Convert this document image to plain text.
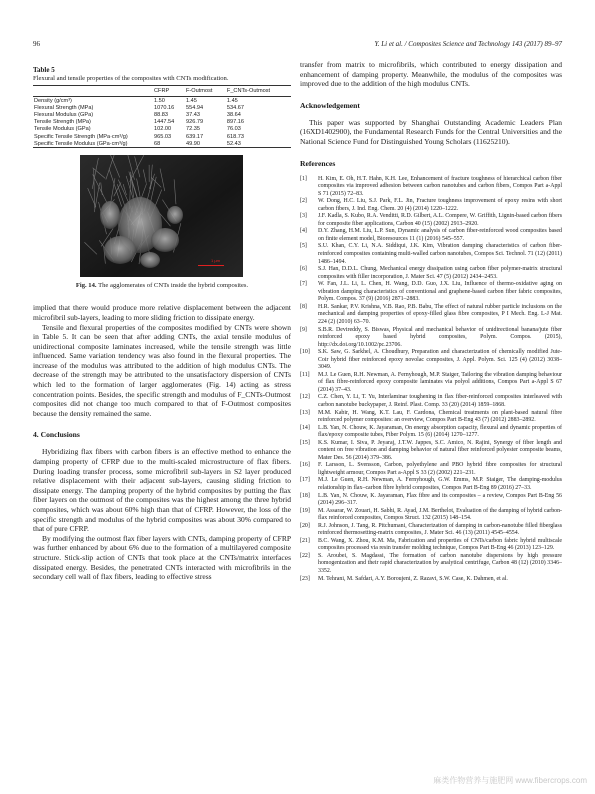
96	Y. Li et al. / Composites Science and Technology 143 (2017) 89–97
Table 5
Flexural and tensile properties of the composites with CNTs modification.
	CFRP	F-Outmost	F_CNTs-Outmost
Density (g/cm³)	1.50	1.45	1.45
Flexural Strength (MPa)	1070.16	554.94	534.67
Flexural Modulus (GPa)	88.83	37.43	38.64
Tensile Strength (MPa)	1447.54	926.79	897.16
Tensile Modulus (GPa)	102.00	72.35	76.03
Specific Tensile Strength (MPa·cm³/g)	965.03	639.17	618.73
Specific Tensile Modulus (GPa·cm³/g)	68	49.90	52.43
1 µm
Fig. 14. The agglomerates of CNTs inside the hybrid composites.

implied that there would produce more relative displacement between the adjacent microfibril sub-layers, leading to more sliding friction to dissipate energy.

Tensile and flexural properties of the composites modified by CNTs were shown in Table 5. It can be seen that after adding CNTs, the axial tensile modulus of unidirectional composite laminates increased, while the tensile strength was little influenced. Same variation tendency was also found in the flexural properties. The increase of the modulus was attributed to the addition of high modulus CNTs. The decrease of the strength may be attributed to the unsatisfactory dispersion of CNTs which led to the formation of larger agglomerates (Fig. 14) acting as stress concentration points. Besides, the specific strength and modulus of F_CNTs-Outmost composites did not change too much compared to that of F-Outmost composites because the density remained the same.

4. Conclusions

Hybridizing flax fibers with carbon fibers is an effective method to enhance the damping property of CFRP due to the multi-scaled microstructure of flax fibers. During loading transfer process, some microfibril sub-layers in S2 layer produced relative displacement with their adjacent sub-layers, causing sliding friction to dissipate energy. The damping property of the hybrid composites by putting the flax fiber layers on the outmost of the composites was the highest among the three hybrid composites, which was about 60% high than that of CFRP. However, the loss of the specific strength and modulus of the hybrid composites was about 30% compared to that of pure CFRP.

By modifying the outmost flax fiber layers with CNTs, damping property of CFRP was further enhanced by about 6% due to the formation of a multilayered composite structure. Stick-slip action of CNTs that took place at the CNTs/matrix interfaces dissipated energy. Besides, the penetrated CNTs interacted with microfibrils in the secondary cell wall of flax fibers, leading to effective stress

transfer from matrix to microfibrils, which contributed to energy dissipation and enhancement of damping property. Meanwhile, the modulus of the composites was improved due to the addition of the high modulus CNTs.

Acknowledgement

This paper was supported by Shanghai Outstanding Academic Leaders Plan (16XD1402900), the Fundamental Research Funds for the Central Universities and the National Science Fund for Distinguished Young Scholars (11625210).

References
[1] H. Kim, E. Oh, H.T. Hahn, K.H. Lee, Enhancement of fracture toughness of hierarchical carbon fiber composites via improved adhesion between carbon nanotubes and carbon fibers, Compos Part a-Appl S 71 (2015) 72–83.
[2] W. Dong, H.C. Liu, S.J. Park, F.L. Jin, Fracture toughness improvement of epoxy resins with short carbon fibers, J. Ind. Eng. Chem. 20 (4) (2014) 1220–1222.
[3] J.F. Kadla, S. Kubo, R.A. Venditti, R.D. Gilbert, A.L. Compere, W. Griffith, Lignin-based carbon fibers for composite fiber applications, Carbon 40 (15) (2002) 2913–2920.
[4] D.Y. Zhang, H.M. Liu, L.P. Sun, Dynamic analysis of carbon fiber-reinforced wood composites based on finite element model, Bioresources 11 (1) (2016) 545–557.
[5] S.U. Khan, C.Y. Li, N.A. Siddiqui, J.K. Kim, Vibration damping characteristics of carbon fiber-reinforced composites containing multi-walled carbon nanotubes, Compos Sci. Technol. 71 (12) (2011) 1486–1494.
[6] S.J. Han, D.D.L. Chung, Mechanical energy dissipation using carbon fiber polymer-matrix structural composites with filler incorporation, J. Mater Sci. 47 (5) (2012) 2434–2453.
[7] W. Fan, J.L. Li, L. Chen, H. Wang, D.D. Guo, J.X. Liu, Influence of thermo-oxidative aging on vibration damping characteristics of conventional and graphene-based carbon fiber fabric composites, Polym. Compos. 37 (9) (2016) 2871–2883.
[8] H.R. Sankar, P.V. Krishna, V.B. Rao, P.B. Babu, The effect of natural rubber particle inclusions on the mechanical and damping properties of epoxy-filled glass fibre composites, P I Mech. Eng. L-J Mat. 224 (2) (2010) 63–70.
[9] S.B.R. Devireddy, S. Biswas, Physical and mechanical behavior of unidirectional banana/jute fiber reinforced epoxy based hybrid composites, Polym. Compos. (2015), http://dx.doi.org/10.1002/pc.23706.
[10] S.K. Saw, G. Sarkhel, A. Choudhury, Preparation and characterization of chemically modified Jute-Coir hybrid fiber reinforced epoxy novolac composites, J. Appl. Polym. Sci. 125 (4) (2012) 3038–3049.
[11] M.J. Le Guen, R.H. Newman, A. Fernyhough, M.P. Staiger, Tailoring the vibration damping behaviour of flax fibre-reinforced epoxy composite laminates via polyol additions, Compos Part a-Appl S 67 (2014) 37–43.
[12] C.Z. Chen, Y. Li, T. Yu, Interlaminar toughening in flax fiber-reinforced composites interleaved with carbon nanotube buckypaper, J. Reinf. Plast. Comp. 33 (20) (2014) 1859–1868.
[13] M.M. Kabir, H. Wang, K.T. Lau, F. Cardona, Chemical treatments on plant-based natural fibre reinforced polymer composites: an overview, Compos Part B-Eng 43 (7) (2012) 2883–2892.
[14] L.B. Yan, N. Chouw, K. Jayaraman, On energy absorption capacity, flexural and dynamic properties of flax/epoxy composite tubes, Fiber Polym. 15 (6) (2014) 1270–1277.
[15] K.S. Kumar, I. Siva, P. Jeyaraj, J.T.W. Jappes, S.C. Amico, N. Rajini, Synergy of fiber length and content on free vibration and damping behavior of natural fiber reinforced polyester composite beams, Mater Des. 56 (2014) 379–386.
[16] F. Larsson, L. Svensson, Carbon, polyethylene and PBO hybrid fibre composites for structural lightweight armour, Compos Part a-Appl S 33 (2) (2002) 221–231.
[17] M.J. Le Guen, R.H. Newman, A. Fernyhough, G.W. Emms, M.P. Staiger, The damping-modulus relationship in flax–carbon fibre hybrid composites, Compos Part B-Eng 89 (2016) 27–33.
[18] L.B. Yan, N. Chouw, K. Jayaraman, Flax fibre and its composites – a review, Compos Part B-Eng 56 (2014) 296–317.
[19] M. Assarar, W. Zouari, H. Sabhi, R. Ayad, J.M. Berthelot, Evaluation of the damping of hybrid carbon-flax reinforced composites, Compos Struct. 132 (2015) 148–154.
[20] R.J. Johnson, J. Tang, R. Pitchumani, Characterization of damping in carbon-nanotube filled fiberglass reinforced thermosetting-matrix composites, J. Mater Sci. 46 (13) (2011) 4545–4554.
[21] B.C. Wang, X. Zhou, K.M. Ma, Fabrication and properties of CNTs/carbon fabric hybrid multiscale composites processed via resin transfer molding technique, Compos Part B-Eng 46 (2013) 123–129.
[22] S. Aroubei, S. Magdassi, The formation of carbon nanotube dispersions by high pressure homogenization and their rapid characterization by analytical centrifuge, Carbon 48 (12) (2010) 3346–3352.
[23] M. Tehrani, M. Safdari, A.Y. Boroujeni, Z. Razavi, S.W. Case, K. Dahmen, et al.
麻类作物营养与施肥网 www.fibercrops.com
